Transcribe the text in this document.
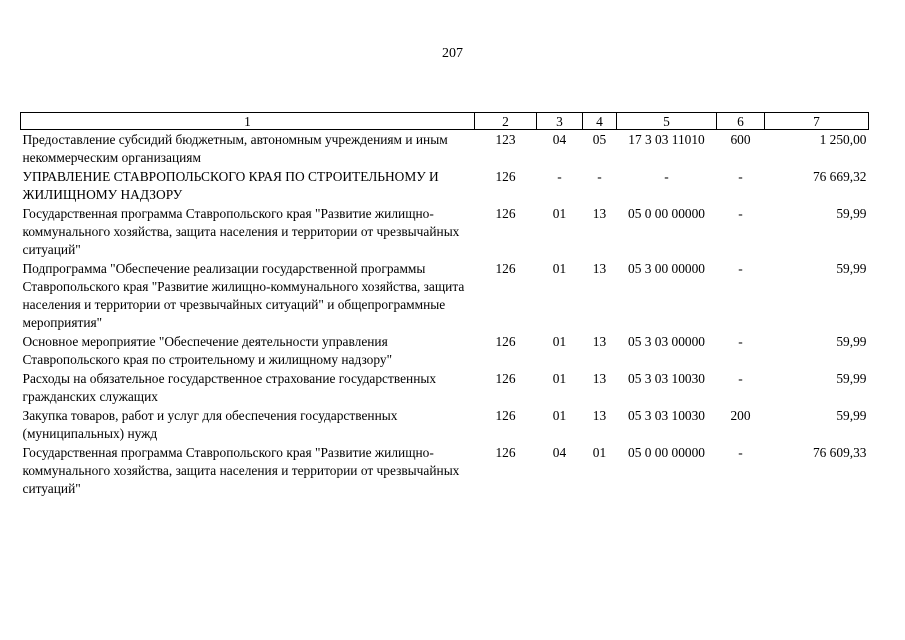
207
1	2	3	4	5	6	7
Предоставление субсидий бюджетным, автономным учреждениям и иным некоммерческим организациям	123	04	05	17 3 03 11010	600	1 250,00
УПРАВЛЕНИЕ СТАВРОПОЛЬСКОГО КРАЯ ПО СТРОИТЕЛЬНОМУ И ЖИЛИЩНОМУ НАДЗОРУ	126	-	-	-	-	76 669,32
Государственная программа Ставропольского края "Развитие жилищно-коммунального хозяйства, защита населения и территории от чрезвычайных ситуаций"	126	01	13	05 0 00 00000	-	59,99
Подпрограмма "Обеспечение реализации государственной программы Ставропольского края "Развитие жилищно-коммунального хозяйства, защита населения и территории от чрезвычайных ситуаций" и общепрограммные мероприятия"	126	01	13	05 3 00 00000	-	59,99
Основное мероприятие "Обеспечение деятельности управления Ставропольского края по строительному и жилищному надзору"	126	01	13	05 3 03 00000	-	59,99
Расходы на обязательное государственное страхование государственных гражданских служащих	126	01	13	05 3 03 10030	-	59,99
Закупка товаров, работ и услуг для обеспечения государственных (муниципальных) нужд	126	01	13	05 3 03 10030	200	59,99
Государственная программа Ставропольского края "Развитие жилищно-коммунального хозяйства, защита населения и территории от чрезвычайных ситуаций"	126	04	01	05 0 00 00000	-	76 609,33
